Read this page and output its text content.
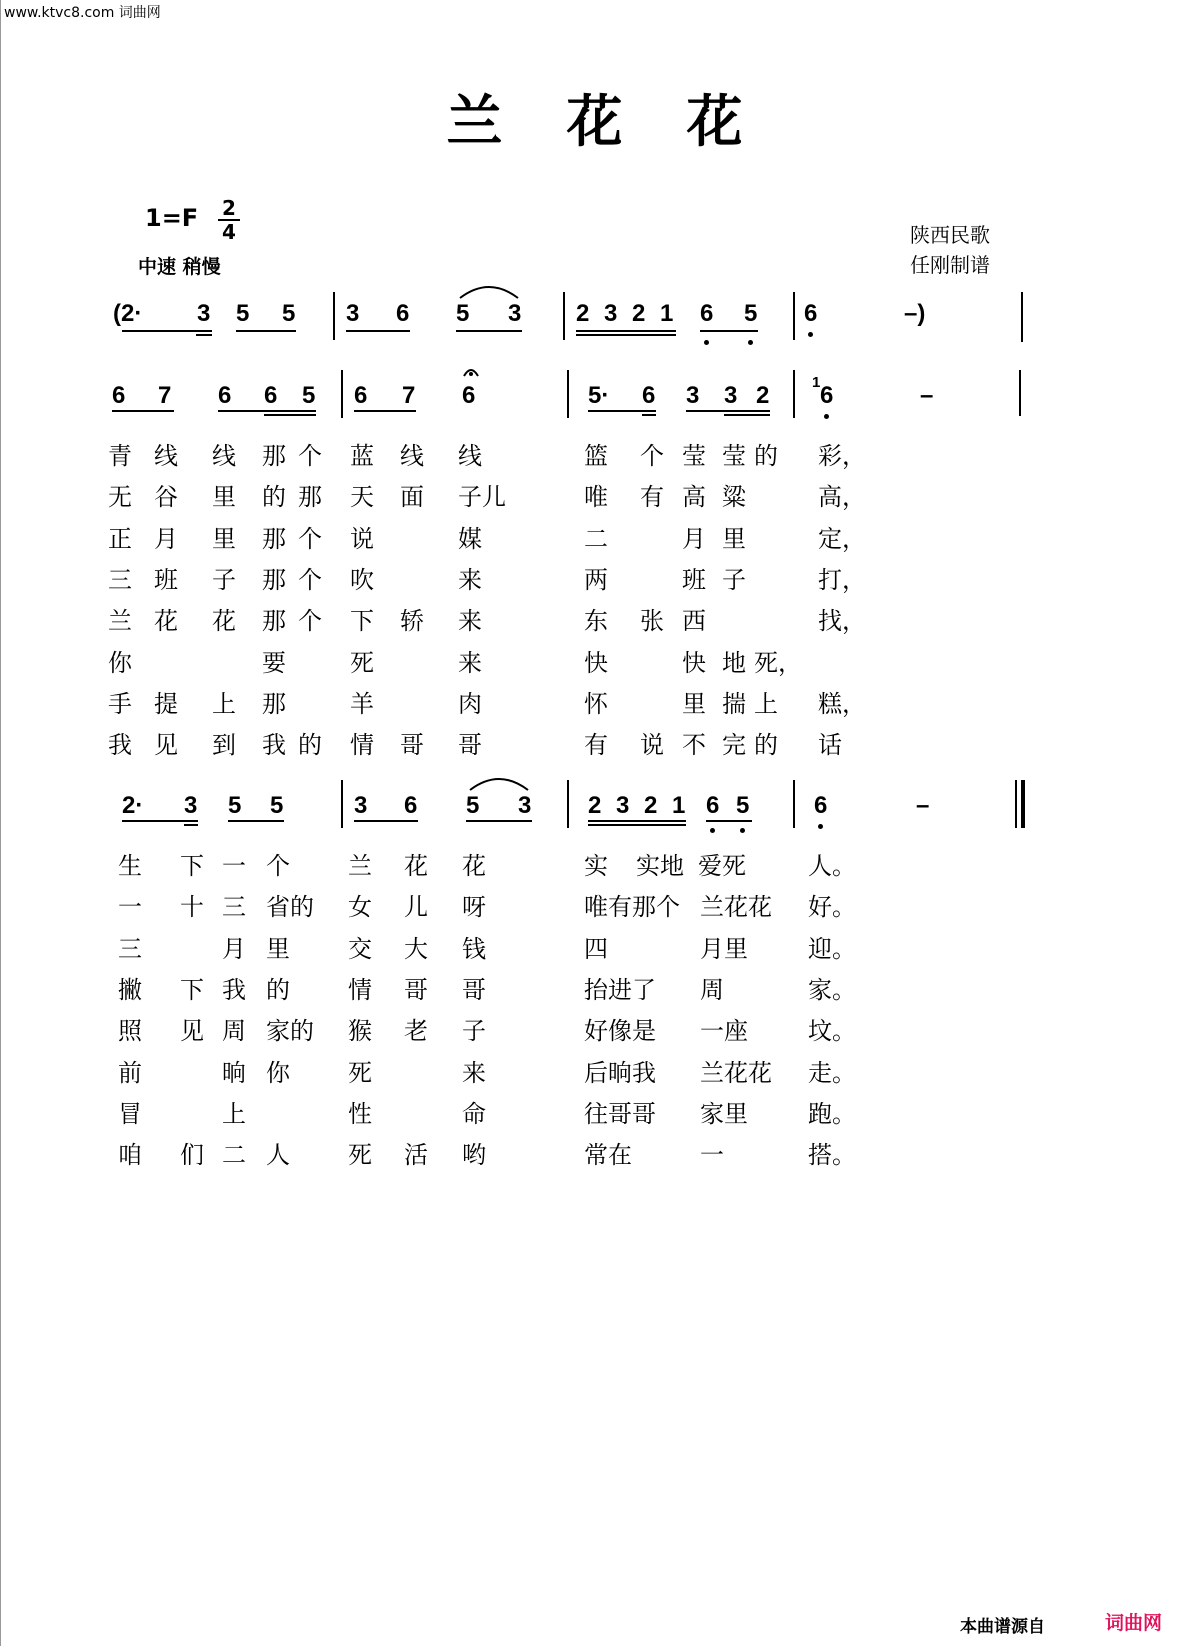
www.ktvc8.com 词曲网
兰 花 花
1=F 2
4
中速 稍慢
陕西民歌
任刚制谱
(2· 3 5 5 3 6 5 3 2 3 2 1 6 5 6	–)
6 7 6 6 5 6 7 6	5· 6 3 3 2	1 6	–
青 线 线 那 个 蓝 线 线	篮 个 莹 莹 的 彩，
无 谷 里 的 那 天 面 子儿	唯 有 高 粱	高，
正 月 里 那 个 说	媒	二	月 里	定，
三 班 子 那 个 吹	来	两	班 子	打，
兰 花 花 那 个 下 轿 来	东 张 西	找，
你	要	死	来	快	快 地 死，
手 提 上 那	羊	肉	怀	里 揣 上 糕，
我 见 到 我 的 情 哥 哥	有 说 不 完 的 话
2· 3 5 5	3 6 5 3 2 3 2 1 6 5	6	–
生 下 一 个 兰 花 花	实 实地 爱死	人。
一 十 三 省的 女 儿 呀	唯有那个 兰花花 好。
三	月 里 交 大 钱	四	月里	迎。
撇 下 我 的 情 哥 哥	抬进了 周	家。
照 见 周 家的 猴 老 子	好像是 一座	坟。
前	晌 你 死	来	后晌我 兰花花 走。
冒	上	性	命	往哥哥 家里	跑。
咱 们 二 人 死 活 哟	常在	一	搭。
本曲谱源自	词曲网
